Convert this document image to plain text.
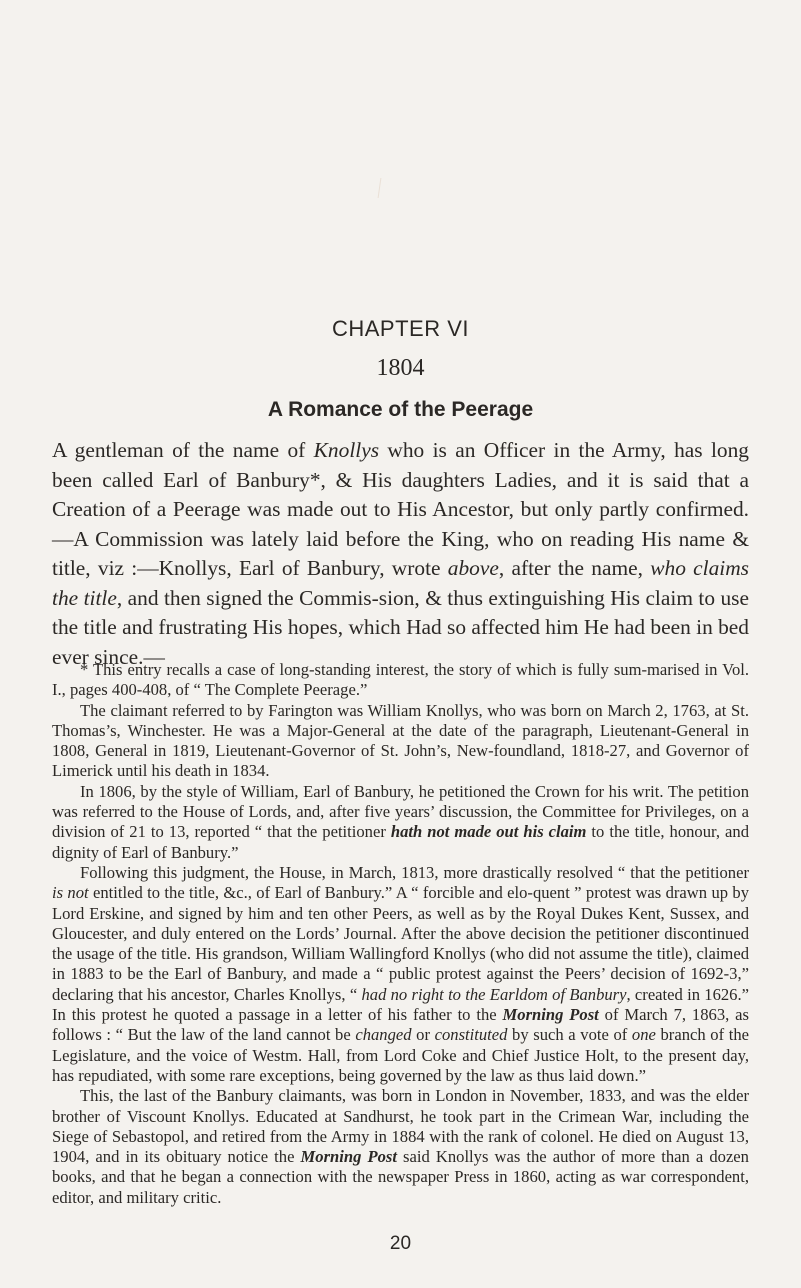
CHAPTER VI
1804
A Romance of the Peerage

A gentleman of the name of Knollys who is an Officer in the Army, has long been called Earl of Banbury*, & His daughters Ladies, and it is said that a Creation of a Peerage was made out to His Ancestor, but only partly confirmed.—A Commission was lately laid before the King, who on reading His name & title, viz :—Knollys, Earl of Banbury, wrote above, after the name, who claims the title, and then signed the Commis-sion, & thus extinguishing His claim to use the title and frustrating His hopes, which Had so affected him He had been in bed ever since.—

* This entry recalls a case of long-standing interest, the story of which is fully sum-marised in Vol. I., pages 400-408, of “ The Complete Peerage.”

The claimant referred to by Farington was William Knollys, who was born on March 2, 1763, at St. Thomas’s, Winchester. He was a Major-General at the date of the paragraph, Lieutenant-General in 1808, General in 1819, Lieutenant-Governor of St. John’s, New-foundland, 1818-27, and Governor of Limerick until his death in 1834.

In 1806, by the style of William, Earl of Banbury, he petitioned the Crown for his writ. The petition was referred to the House of Lords, and, after five years’ discussion, the Committee for Privileges, on a division of 21 to 13, reported “ that the petitioner hath not made out his claim to the title, honour, and dignity of Earl of Banbury.”

Following this judgment, the House, in March, 1813, more drastically resolved “ that the petitioner is not entitled to the title, &c., of Earl of Banbury.” A “ forcible and elo-quent ” protest was drawn up by Lord Erskine, and signed by him and ten other Peers, as well as by the Royal Dukes Kent, Sussex, and Gloucester, and duly entered on the Lords’ Journal. After the above decision the petitioner discontinued the usage of the title. His grandson, William Wallingford Knollys (who did not assume the title), claimed in 1883 to be the Earl of Banbury, and made a “ public protest against the Peers’ decision of 1692-3,” declaring that his ancestor, Charles Knollys, “ had no right to the Earldom of Banbury, created in 1626.” In this protest he quoted a passage in a letter of his father to the Morning Post of March 7, 1863, as follows : “ But the law of the land cannot be changed or constituted by such a vote of one branch of the Legislature, and the voice of Westm. Hall, from Lord Coke and Chief Justice Holt, to the present day, has repudiated, with some rare exceptions, being governed by the law as thus laid down.”

This, the last of the Banbury claimants, was born in London in November, 1833, and was the elder brother of Viscount Knollys. Educated at Sandhurst, he took part in the Crimean War, including the Siege of Sebastopol, and retired from the Army in 1884 with the rank of colonel. He died on August 13, 1904, and in its obituary notice the Morning Post said Knollys was the author of more than a dozen books, and that he began a connection with the newspaper Press in 1860, acting as war correspondent, editor, and military critic.

20
